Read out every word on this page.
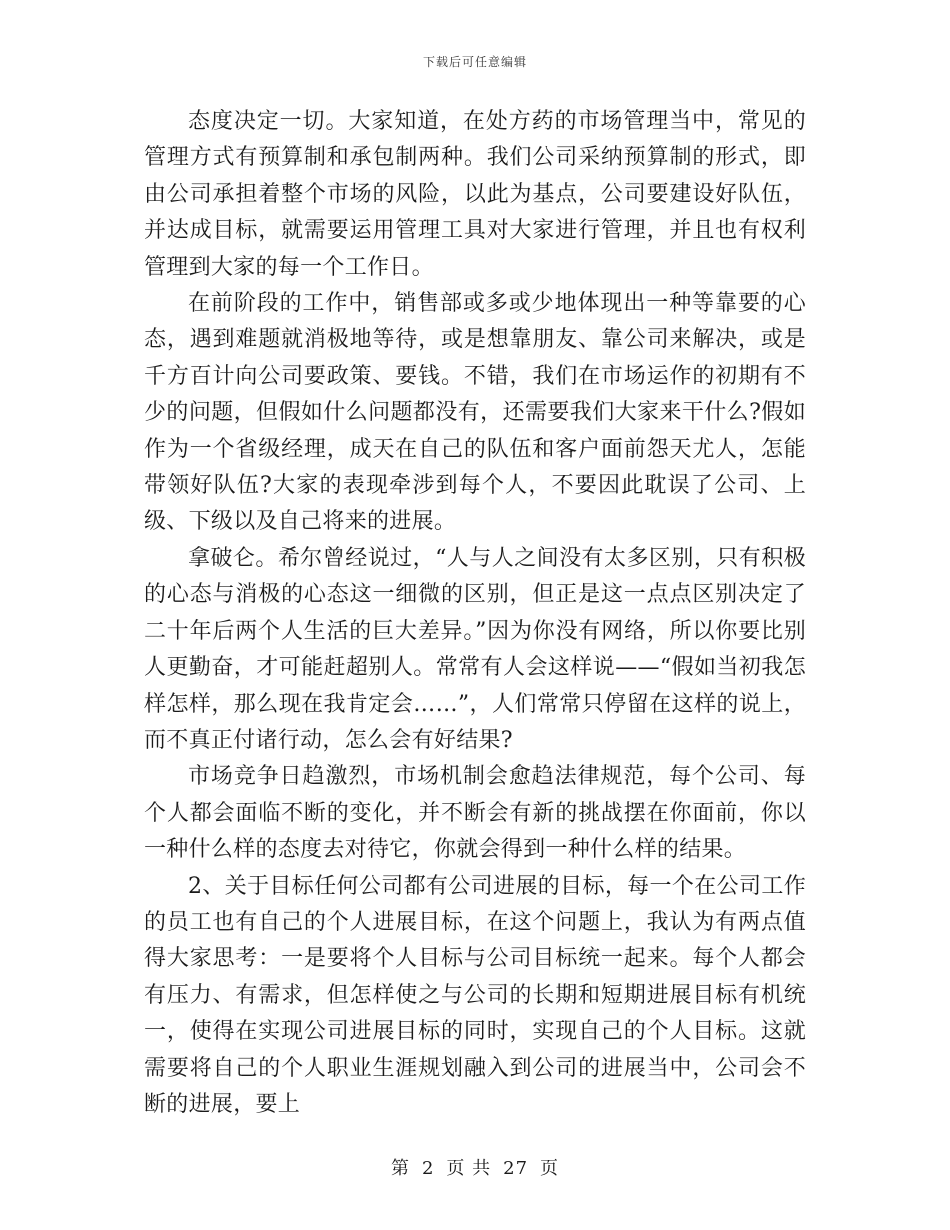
下载后可任意编辑

态度决定一切。大家知道，在处方药的市场管理当中，常见的管理方式有预算制和承包制两种。我们公司采纳预算制的形式，即由公司承担着整个市场的风险，以此为基点，公司要建设好队伍，并达成目标，就需要运用管理工具对大家进行管理，并且也有权利管理到大家的每一个工作日。

在前阶段的工作中，销售部或多或少地体现出一种等靠要的心态，遇到难题就消极地等待，或是想靠朋友、靠公司来解决，或是千方百计向公司要政策、要钱。不错，我们在市场运作的初期有不少的问题，但假如什么问题都没有，还需要我们大家来干什么?假如作为一个省级经理，成天在自己的队伍和客户面前怨天尤人，怎能带领好队伍?大家的表现牵涉到每个人，不要因此耽误了公司、上级、下级以及自己将来的进展。

拿破仑。希尔曾经说过，“人与人之间没有太多区别，只有积极的心态与消极的心态这一细微的区别，但正是这一点点区别决定了二十年后两个人生活的巨大差异。”因为你没有网络，所以你要比别人更勤奋，才可能赶超别人。常常有人会这样说——“假如当初我怎样怎样，那么现在我肯定会……”，人们常常只停留在这样的说上，而不真正付诸行动，怎么会有好结果?

市场竞争日趋激烈，市场机制会愈趋法律规范，每个公司、每个人都会面临不断的变化，并不断会有新的挑战摆在你面前，你以一种什么样的态度去对待它，你就会得到一种什么样的结果。

2、关于目标任何公司都有公司进展的目标，每一个在公司工作的员工也有自己的个人进展目标，在这个问题上，我认为有两点值得大家思考：一是要将个人目标与公司目标统一起来。每个人都会有压力、有需求，但怎样使之与公司的长期和短期进展目标有机统一，使得在实现公司进展目标的同时，实现自己的个人目标。这就需要将自己的个人职业生涯规划融入到公司的进展当中，公司会不断的进展，要上

第 2 页 共 27 页
